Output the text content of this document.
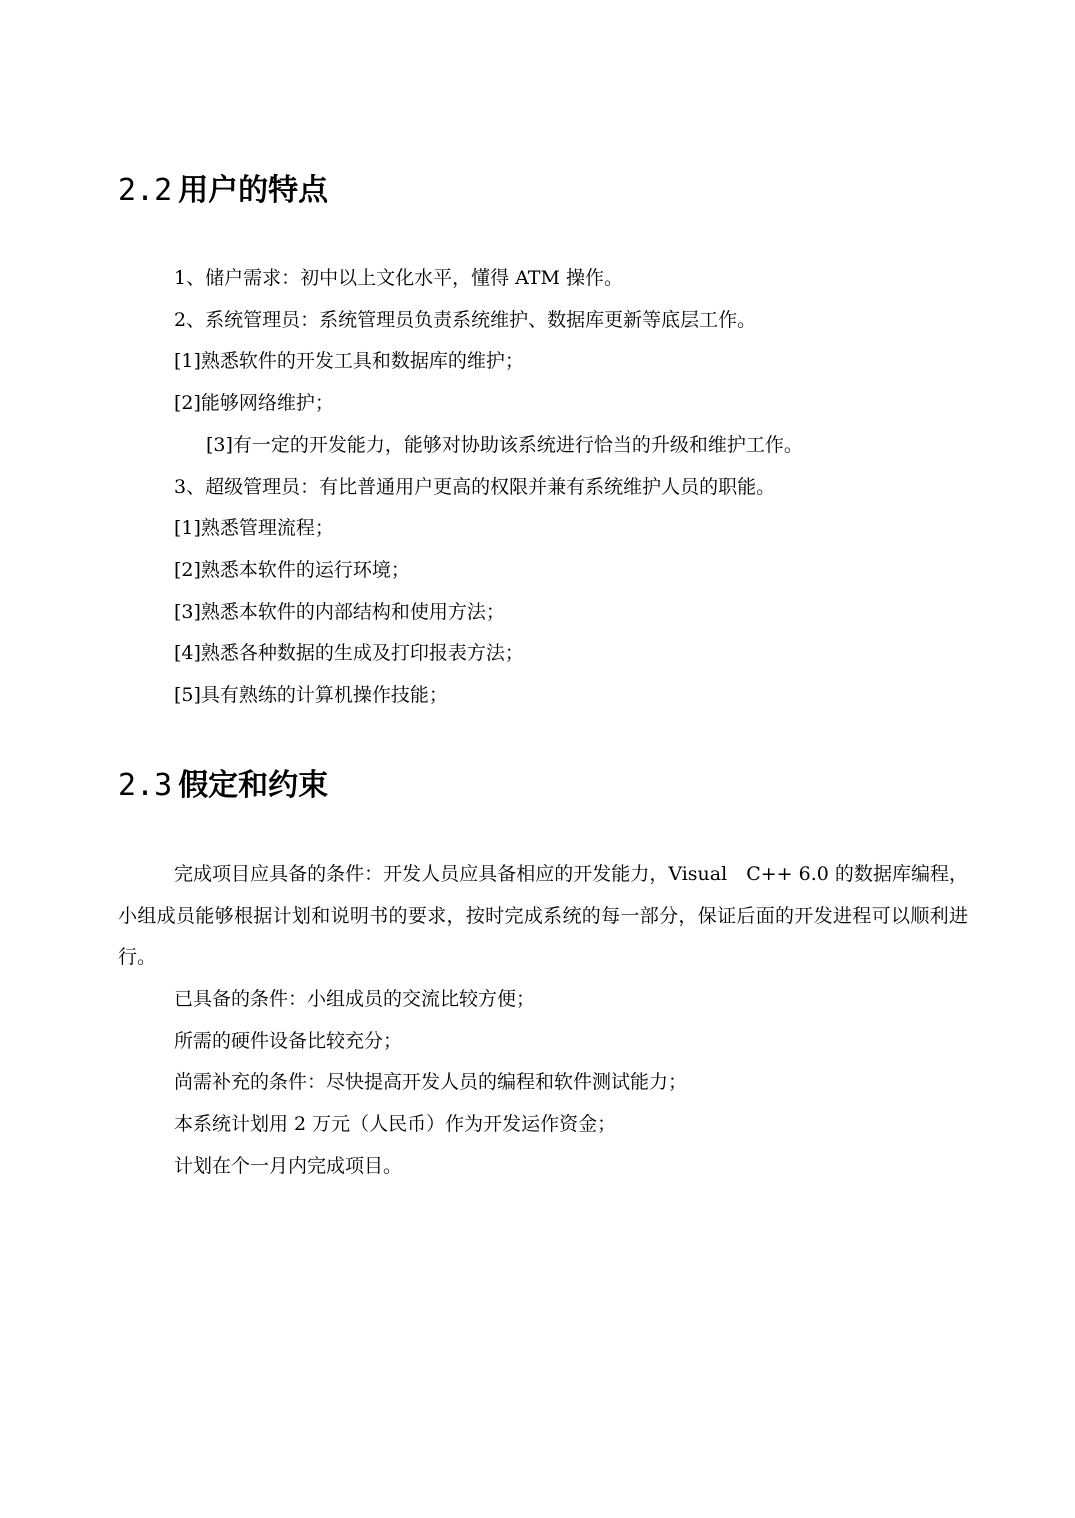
2.2 用户的特点

1、储户需求：初中以上文化水平，懂得 ATM 操作。

2、系统管理员：系统管理员负责系统维护、数据库更新等底层工作。

[1]熟悉软件的开发工具和数据库的维护；

[2]能够网络维护；

[3]有一定的开发能力，能够对协助该系统进行恰当的升级和维护工作。

3、超级管理员：有比普通用户更高的权限并兼有系统维护人员的职能。

[1]熟悉管理流程；

[2]熟悉本软件的运行环境；

[3]熟悉本软件的内部结构和使用方法；

[4]熟悉各种数据的生成及打印报表方法；

[5]具有熟练的计算机操作技能；

2.3 假定和约束

完成项目应具备的条件：开发人员应具备相应的开发能力，Visual　C++ 6.0 的数据库编程，小组成员能够根据计划和说明书的要求，按时完成系统的每一部分，保证后面的开发进程可以顺利进行。

已具备的条件：小组成员的交流比较方便；

所需的硬件设备比较充分；

尚需补充的条件：尽快提高开发人员的编程和软件测试能力；

本系统计划用 2 万元（人民币）作为开发运作资金；

计划在个一月内完成项目。
